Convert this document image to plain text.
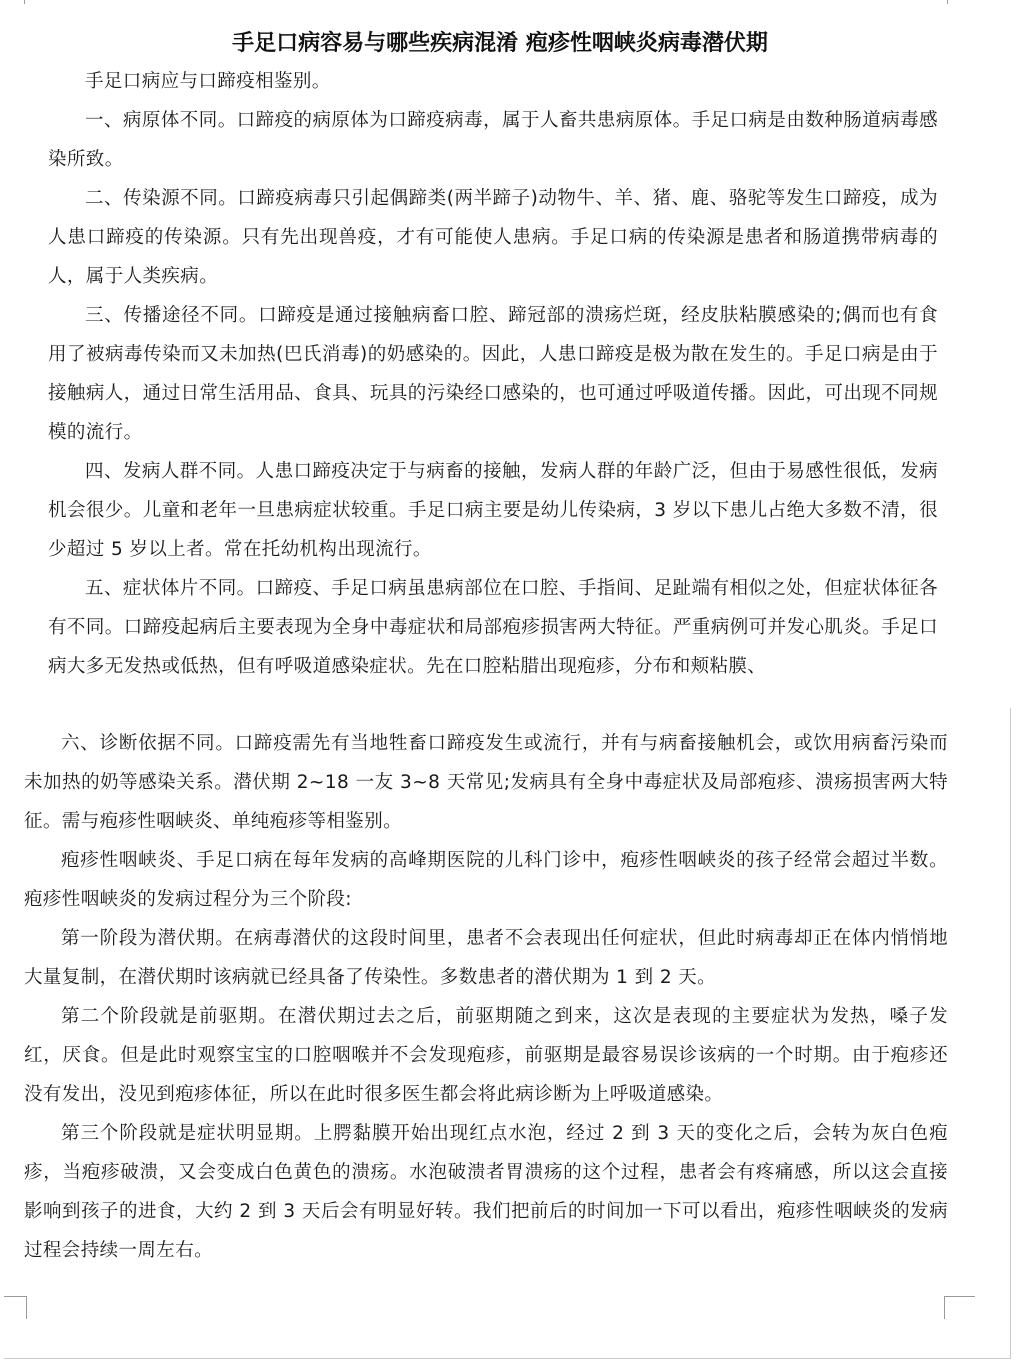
手足口病容易与哪些疾病混淆 疱疹性咽峡炎病毒潜伏期

手足口病应与口蹄疫相鉴别。

一、病原体不同。口蹄疫的病原体为口蹄疫病毒，属于人畜共患病原体。手足口病是由数种肠道病毒感染所致。

二、传染源不同。口蹄疫病毒只引起偶蹄类(两半蹄子)动物牛、羊、猪、鹿、骆驼等发生口蹄疫，成为人患口蹄疫的传染源。只有先出现兽疫，才有可能使人患病。手足口病的传染源是患者和肠道携带病毒的人，属于人类疾病。

三、传播途径不同。口蹄疫是通过接触病畜口腔、蹄冠部的溃疡烂斑，经皮肤粘膜感染的;偶而也有食用了被病毒传染而又未加热(巴氏消毒)的奶感染的。因此，人患口蹄疫是极为散在发生的。手足口病是由于接触病人，通过日常生活用品、食具、玩具的污染经口感染的，也可通过呼吸道传播。因此，可出现不同规模的流行。

四、发病人群不同。人患口蹄疫决定于与病畜的接触，发病人群的年龄广泛，但由于易感性很低，发病机会很少。儿童和老年一旦患病症状较重。手足口病主要是幼儿传染病，3 岁以下患儿占绝大多数不清，很少超过 5 岁以上者。常在托幼机构出现流行。

五、症状体片不同。口蹄疫、手足口病虽患病部位在口腔、手指间、足趾端有相似之处，但症状体征各有不同。口蹄疫起病后主要表现为全身中毒症状和局部疱疹损害两大特征。严重病例可并发心肌炎。手足口病大多无发热或低热，但有呼吸道感染症状。先在口腔粘腊出现疱疹，分布和颊粘膜、

六、诊断依据不同。口蹄疫需先有当地牲畜口蹄疫发生或流行，并有与病畜接触机会，或饮用病畜污染而未加热的奶等感染关系。潜伏期 2~18 一友 3~8 天常见;发病具有全身中毒症状及局部疱疹、溃疡损害两大特征。需与疱疹性咽峡炎、单纯疱疹等相鉴别。

疱疹性咽峡炎、手足口病在每年发病的高峰期医院的儿科门诊中，疱疹性咽峡炎的孩子经常会超过半数。疱疹性咽峡炎的发病过程分为三个阶段:

第一阶段为潜伏期。在病毒潜伏的这段时间里，患者不会表现出任何症状，但此时病毒却正在体内悄悄地大量复制，在潜伏期时该病就已经具备了传染性。多数患者的潜伏期为 1 到 2 天。

第二个阶段就是前驱期。在潜伏期过去之后，前驱期随之到来，这次是表现的主要症状为发热，嗓子发红，厌食。但是此时观察宝宝的口腔咽喉并不会发现疱疹，前驱期是最容易误诊该病的一个时期。由于疱疹还没有发出，没见到疱疹体征，所以在此时很多医生都会将此病诊断为上呼吸道感染。

第三个阶段就是症状明显期。上腭黏膜开始出现红点水泡，经过 2 到 3 天的变化之后，会转为灰白色疱疹，当疱疹破溃，又会变成白色黄色的溃疡。水泡破溃者胃溃疡的这个过程，患者会有疼痛感，所以这会直接影响到孩子的进食，大约 2 到 3 天后会有明显好转。我们把前后的时间加一下可以看出，疱疹性咽峡炎的发病过程会持续一周左右。
